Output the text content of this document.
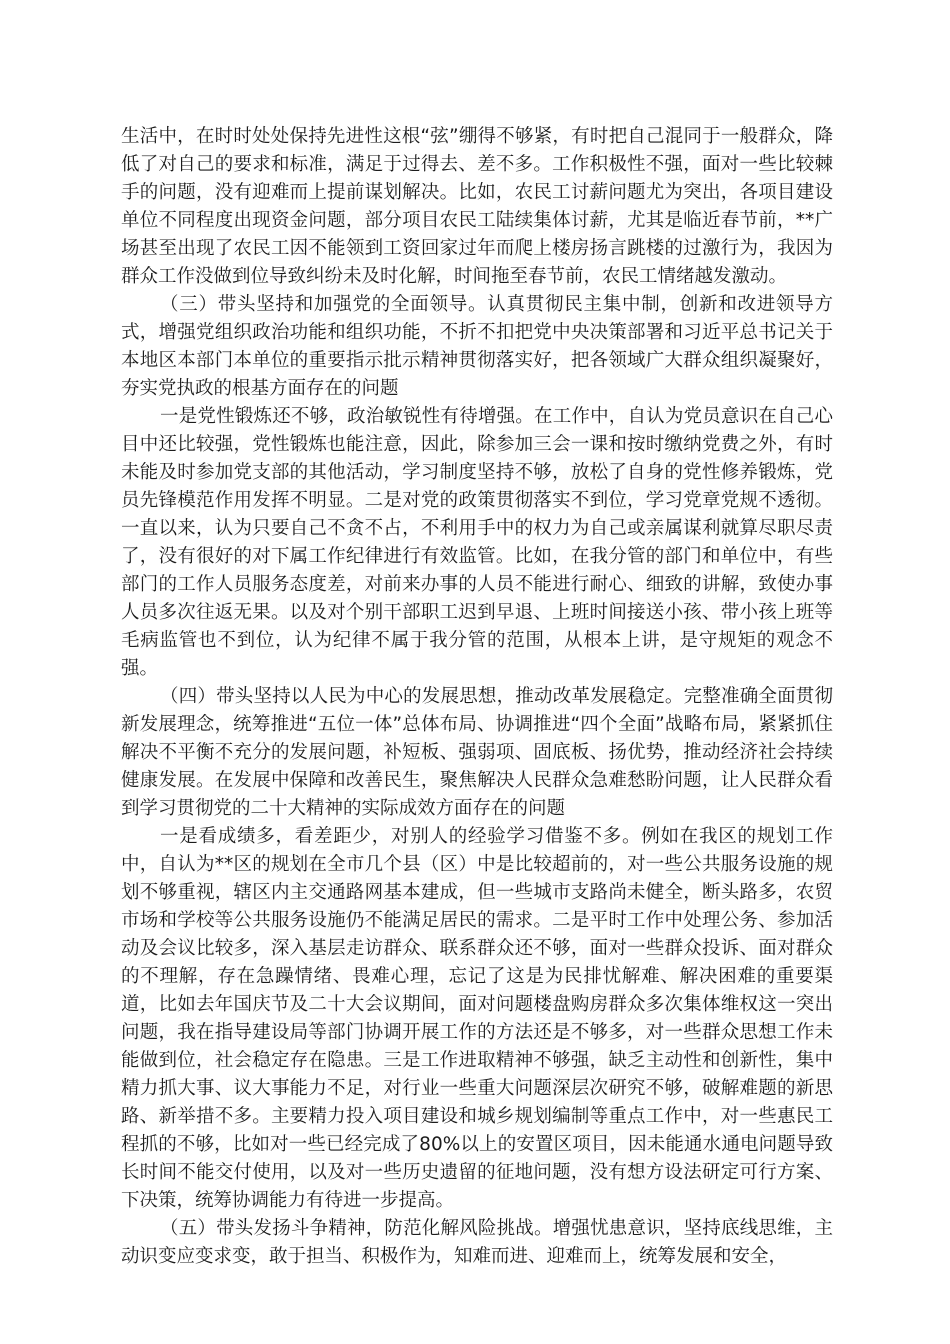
生活中，在时时处处保持先进性这根“弦”绷得不够紧，有时把自己混同于一般群众，降低了对自己的要求和标准，满足于过得去、差不多。工作积极性不强，面对一些比较棘手的问题，没有迎难而上提前谋划解决。比如，农民工讨薪问题尤为突出，各项目建设单位不同程度出现资金问题，部分项目农民工陆续集体讨薪，尤其是临近春节前，**广场甚至出现了农民工因不能领到工资回家过年而爬上楼房扬言跳楼的过激行为，我因为群众工作没做到位导致纠纷未及时化解，时间拖至春节前，农民工情绪越发激动。

（三）带头坚持和加强党的全面领导。认真贯彻民主集中制，创新和改进领导方式，增强党组织政治功能和组织功能，不折不扣把党中央决策部署和习近平总书记关于本地区本部门本单位的重要指示批示精神贯彻落实好，把各领域广大群众组织凝聚好，夯实党执政的根基方面存在的问题

一是党性锻炼还不够，政治敏锐性有待增强。在工作中，自认为党员意识在自己心目中还比较强，党性锻炼也能注意，因此，除参加三会一课和按时缴纳党费之外，有时未能及时参加党支部的其他活动，学习制度坚持不够，放松了自身的党性修养锻炼，党员先锋模范作用发挥不明显。二是对党的政策贯彻落实不到位，学习党章党规不透彻。一直以来，认为只要自己不贪不占，不利用手中的权力为自己或亲属谋利就算尽职尽责了，没有很好的对下属工作纪律进行有效监管。比如，在我分管的部门和单位中，有些部门的工作人员服务态度差，对前来办事的人员不能进行耐心、细致的讲解，致使办事人员多次往返无果。以及对个别干部职工迟到早退、上班时间接送小孩、带小孩上班等毛病监管也不到位，认为纪律不属于我分管的范围，从根本上讲，是守规矩的观念不强。

（四）带头坚持以人民为中心的发展思想，推动改革发展稳定。完整准确全面贯彻新发展理念，统筹推进“五位一体”总体布局、协调推进“四个全面”战略布局，紧紧抓住解决不平衡不充分的发展问题，补短板、强弱项、固底板、扬优势，推动经济社会持续健康发展。在发展中保障和改善民生，聚焦解决人民群众急难愁盼问题，让人民群众看到学习贯彻党的二十大精神的实际成效方面存在的问题

一是看成绩多，看差距少，对别人的经验学习借鉴不多。例如在我区的规划工作中，自认为**区的规划在全市几个县（区）中是比较超前的，对一些公共服务设施的规划不够重视，辖区内主交通路网基本建成，但一些城市支路尚未健全，断头路多，农贸市场和学校等公共服务设施仍不能满足居民的需求。二是平时工作中处理公务、参加活动及会议比较多，深入基层走访群众、联系群众还不够，面对一些群众投诉、面对群众的不理解，存在急躁情绪、畏难心理，忘记了这是为民排忧解难、解决困难的重要渠道，比如去年国庆节及二十大会议期间，面对问题楼盘购房群众多次集体维权这一突出问题，我在指导建设局等部门协调开展工作的方法还是不够多，对一些群众思想工作未能做到位，社会稳定存在隐患。三是工作进取精神不够强，缺乏主动性和创新性，集中精力抓大事、议大事能力不足，对行业一些重大问题深层次研究不够，破解难题的新思路、新举措不多。主要精力投入项目建设和城乡规划编制等重点工作中，对一些惠民工程抓的不够，比如对一些已经完成了80%以上的安置区项目，因未能通水通电问题导致长时间不能交付使用，以及对一些历史遗留的征地问题，没有想方设法研定可行方案、下决策，统筹协调能力有待进一步提高。

（五）带头发扬斗争精神，防范化解风险挑战。增强忧患意识，坚持底线思维，主动识变应变求变，敢于担当、积极作为，知难而进、迎难而上，统筹发展和安全，
